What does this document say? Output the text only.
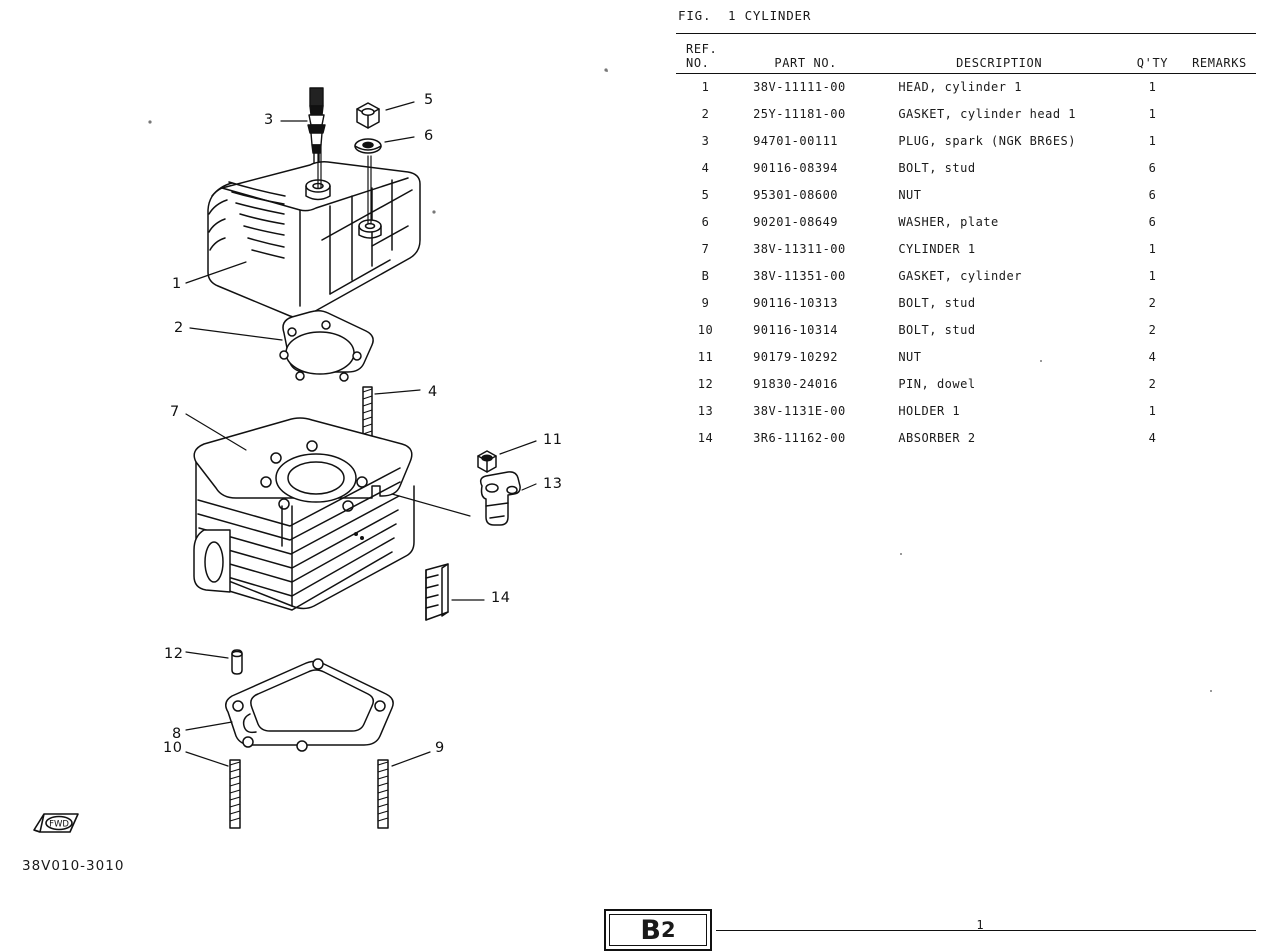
5
3
6
1
2
4
7
11
13
14
12
8
10	9
FWD
38V010-3010
FIG.  1 CYLINDER
REF.
NO.	PART NO.	DESCRIPTION	Q'TY	REMARKS
1	38V-11111-00	HEAD, cylinder 1	1	
2	25Y-11181-00	GASKET, cylinder head 1	1	
3	94701-00111	PLUG, spark (NGK BR6ES)	1	
4	90116-08394	BOLT, stud	6	
5	95301-08600	NUT	6	
6	90201-08649	WASHER, plate	6	
7	38V-11311-00	CYLINDER 1	1	
B	38V-11351-00	GASKET, cylinder	1	
9	90116-10313	BOLT, stud	2	
10	90116-10314	BOLT, stud	2	
11	90179-10292	NUT	4	
12	91830-24016	PIN, dowel	2	
13	38V-1131E-00	HOLDER 1	1	
14	3R6-11162-00	ABSORBER 2	4	
B 2	1
